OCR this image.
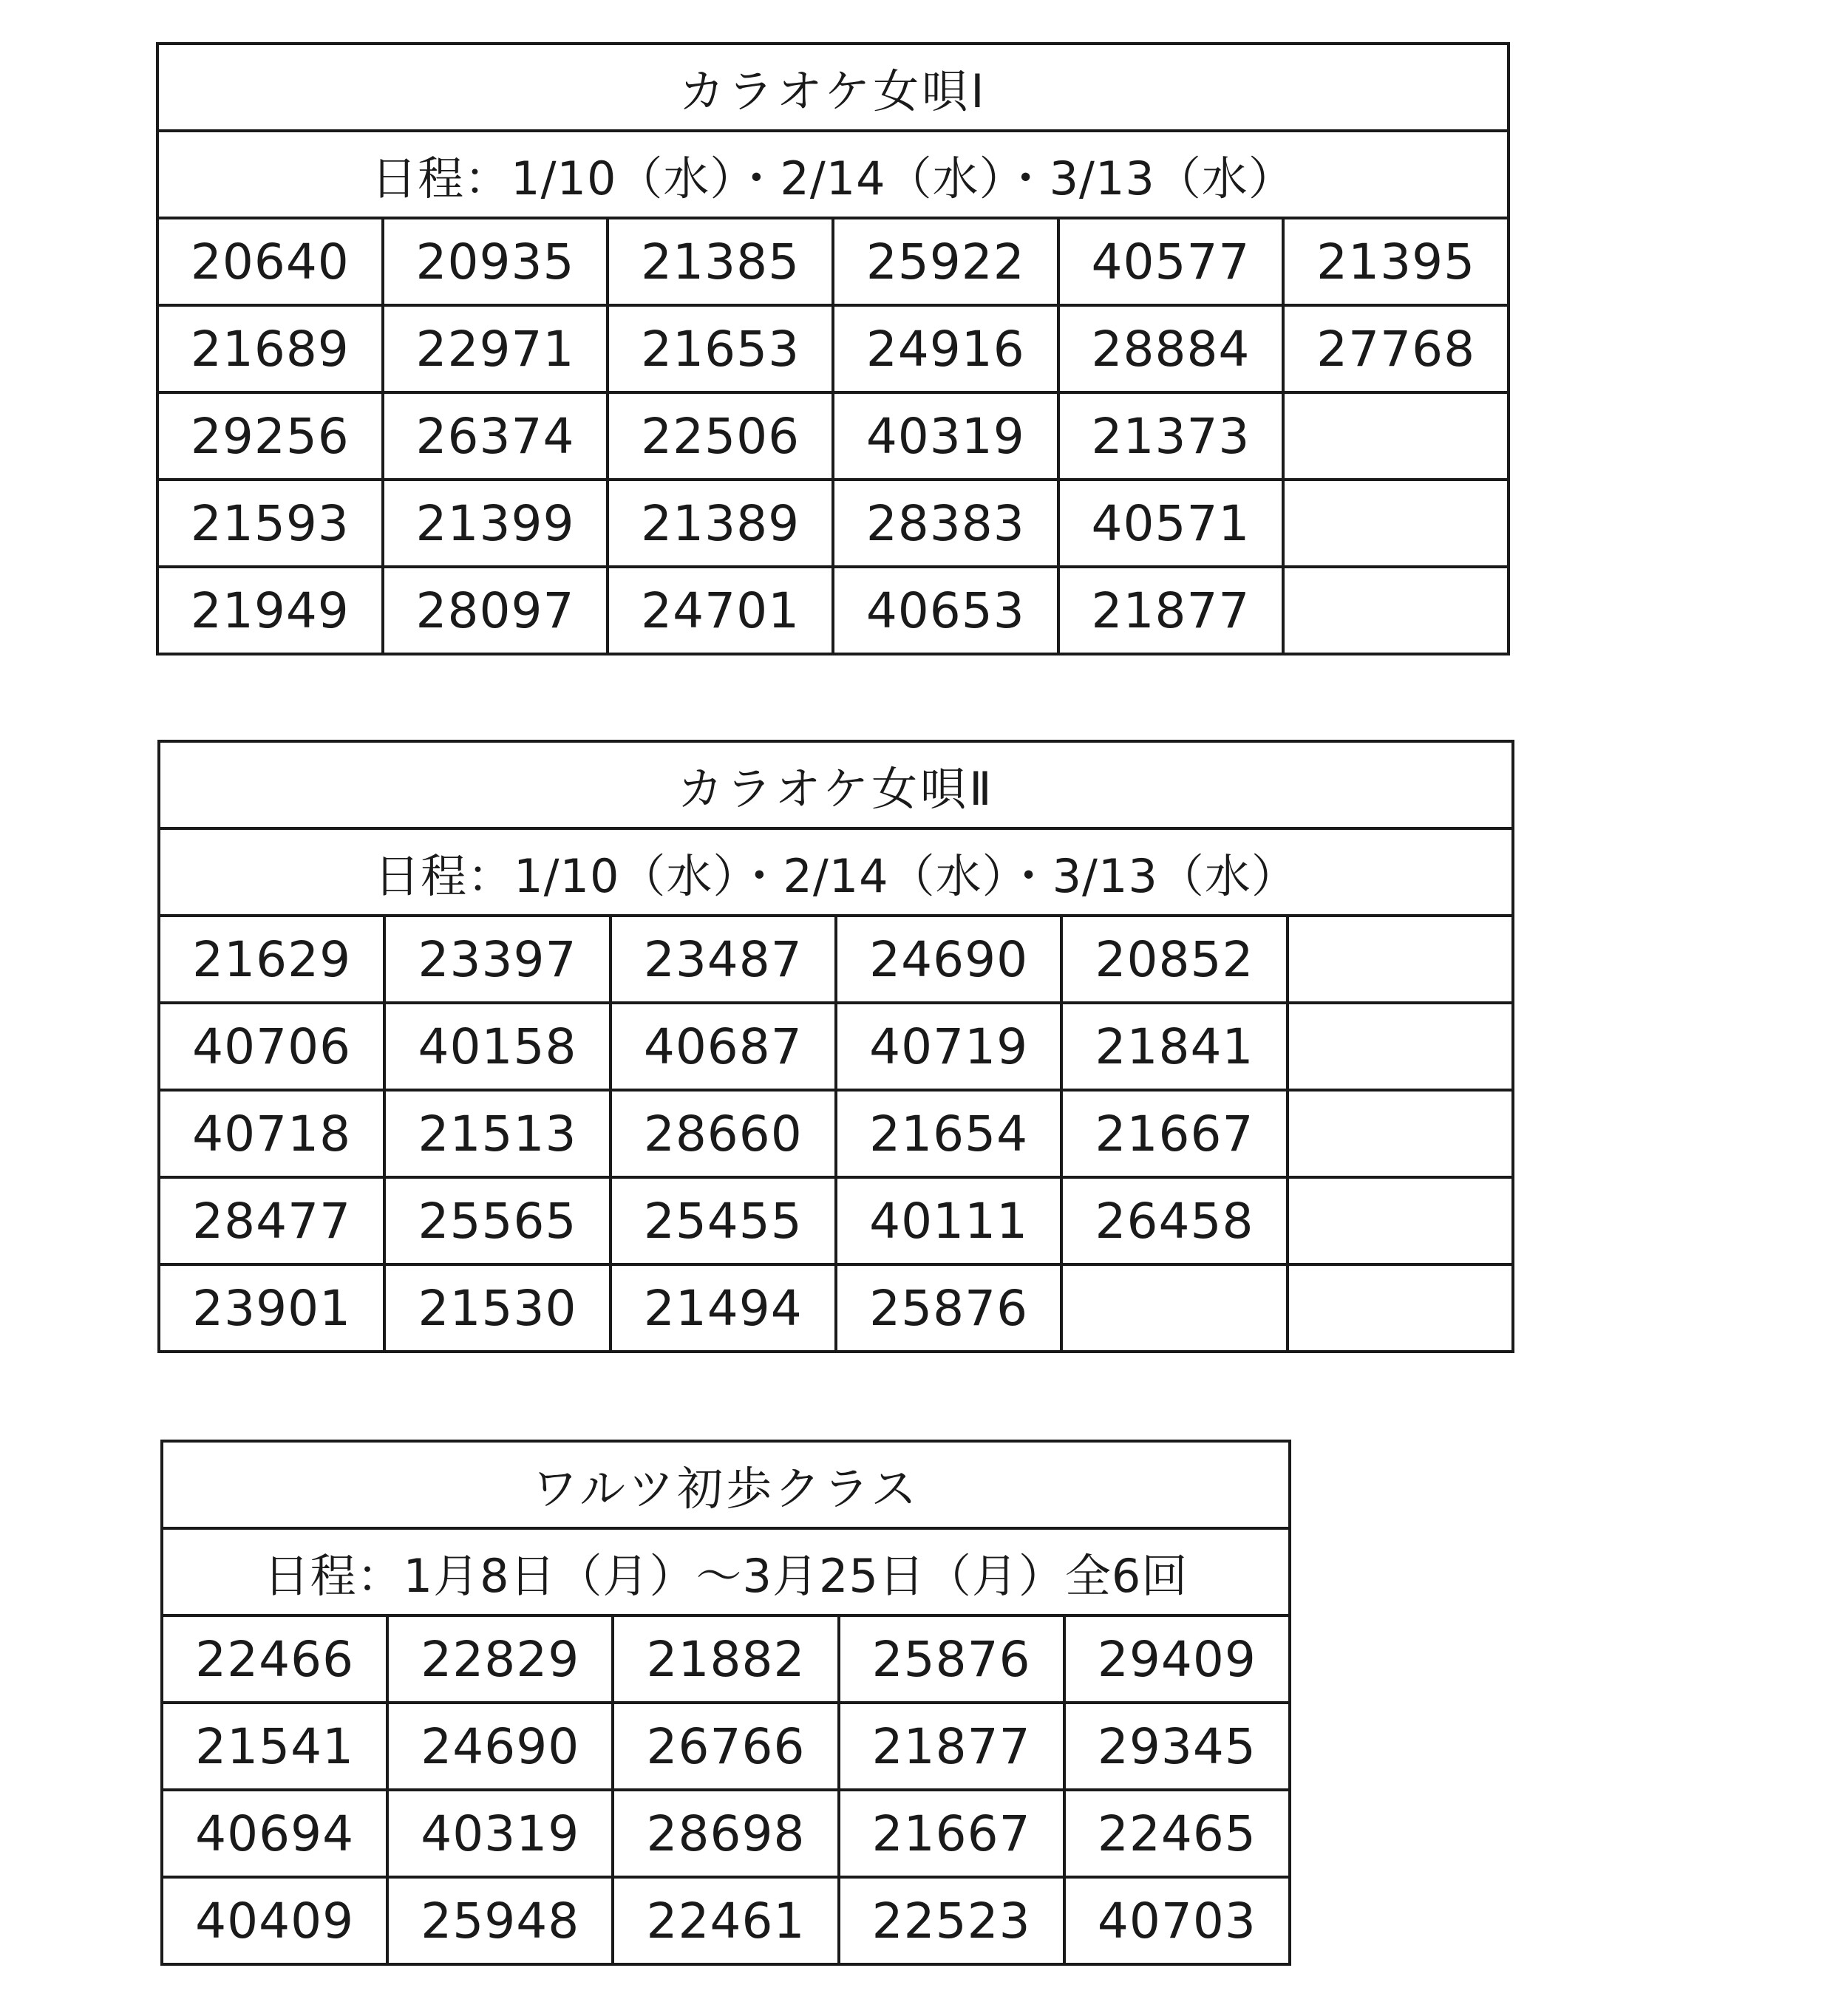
カラオケ女唄Ⅰ					
日程：1/10（水）・2/14（水）・3/13（水）					
20640	20935	21385	25922	40577	21395
21689	22971	21653	24916	28884	27768
29256	26374	22506	40319	21373	
21593	21399	21389	28383	40571	
21949	28097	24701	40653	21877	
カラオケ女唄Ⅱ					
日程：1/10（水）・2/14（水）・3/13（水）					
21629	23397	23487	24690	20852	
40706	40158	40687	40719	21841	
40718	21513	28660	21654	21667	
28477	25565	25455	40111	26458	
23901	21530	21494	25876		
ワルツ初歩クラス				
日程：1月8日（月）～3月25日（月）全6回				
22466	22829	21882	25876	29409
21541	24690	26766	21877	29345
40694	40319	28698	21667	22465
40409	25948	22461	22523	40703
